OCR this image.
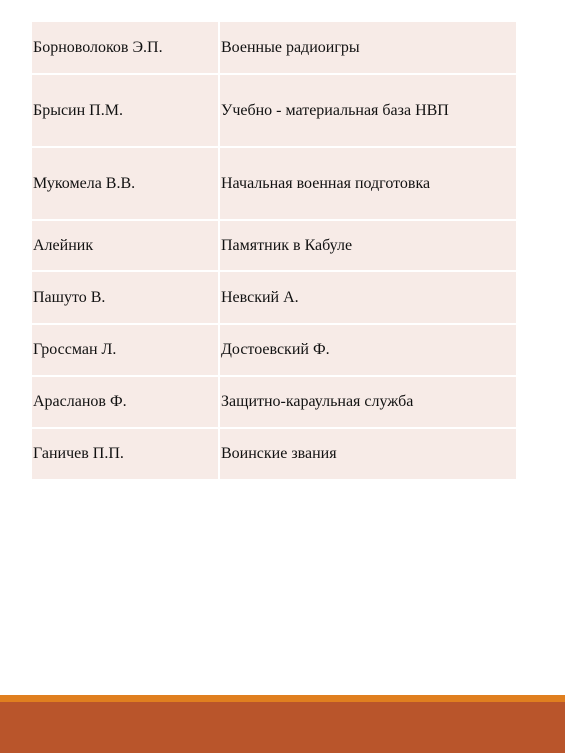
Борноволоков Э.П.	Военные радиоигры
Брысин П.М.	Учебно - материальная база НВП
Мукомела В.В.	Начальная военная подготовка
Алейник	Памятник в Кабуле
Пашуто В.	Невский А.
Гроссман Л.	Достоевский Ф.
Арасланов Ф.	Защитно-караульная служба
Ганичев П.П.	Воинские звания
